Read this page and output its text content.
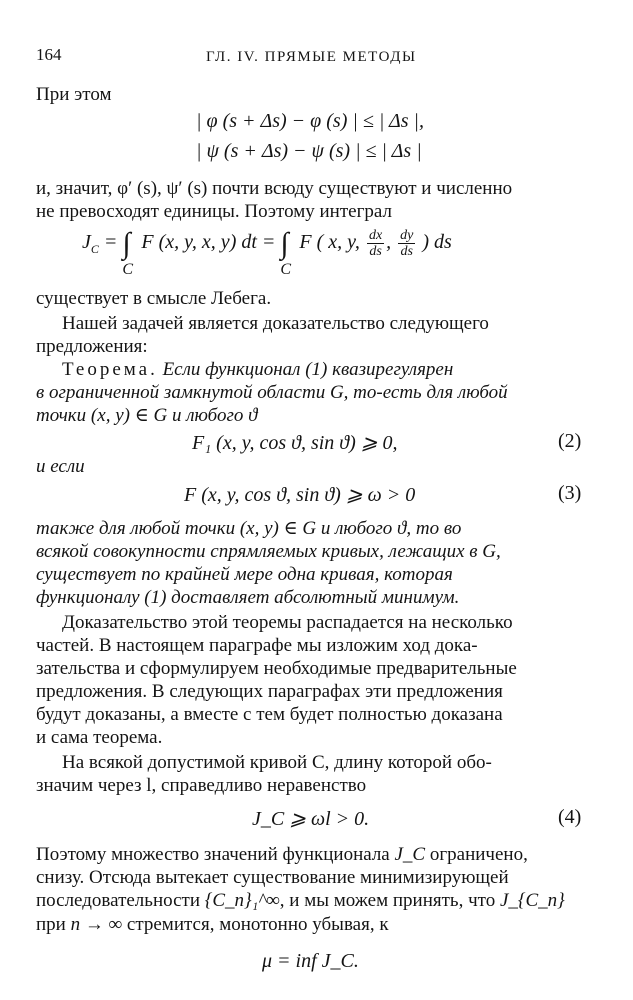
164	ГЛ. IV. ПРЯМЫЕ МЕТОДЫ
При этом
| φ (s + Δs) − φ (s) | ≤ | Δs |,
| ψ (s + Δs) − ψ (s) | ≤ | Δs |
и, значит, φ′ (s), ψ′ (s) почти всюду существуют и численно
не превосходят единицы. Поэтому интеграл
$J_C$ = ∫
C
F (x, y, x, y) dt = ∫
C
F ( x, y, $\frac{dx}{ds}$ , $\frac{dy}{ds}$ ) ds
существует в смысле Лебега.
Нашей задачей является доказательство следующего
предложения:
Теорема. Если функционал (1) квазирегулярен
в ограниченной замкнутой области G, то-есть для любой
точки (x, y) ∈ G и любого ϑ
F₁ (x, y, cos ϑ, sin ϑ) ⩾ 0,	(2)
и если
F (x, y, cos ϑ, sin ϑ) ⩾ ω > 0	(3)
также для любой точки (x, y) ∈ G и любого ϑ, то во
всякой совокупности спрямляемых кривых, лежащих в G,
существует по крайней мере одна кривая, которая
функционалу (1) доставляет абсолютный минимум.
Доказательство этой теоремы распадается на несколько
частей. В настоящем параграфе мы изложим ход дока-
зательства и сформулируем необходимые предварительные
предложения. В следующих параграфах эти предложения
будут доказаны, а вместе с тем будет полностью доказана
и сама теорема.
На всякой допустимой кривой C, длину которой обо-
значим через l, справедливо неравенство
J_C ⩾ ωl > 0.	(4)
Поэтому множество значений функционала J_C ограничено,
снизу. Отсюда вытекает существование минимизирующей
последовательности {C_n}₁^∞, и мы можем принять, что J_{C_n}
при n → ∞ стремится, монотонно убывая, к
μ = inf J_C.
